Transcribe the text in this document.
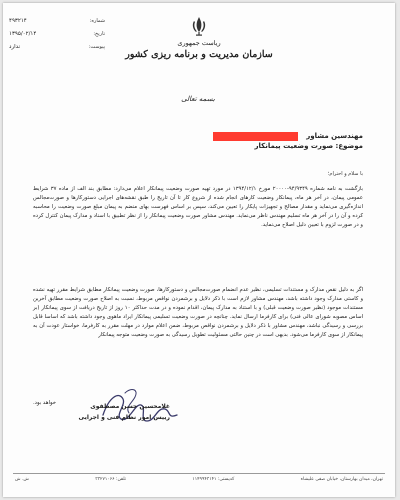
ریاست جمهوری
سازمان مدیریت و برنامه ریزی کشور
۴۹۳۲۱۴
۱۳۹۵/۰۲/۱۴
ندارد
شماره:
تاریخ:
پیوست:
بسمه تعالی
مهندسین مشاور
موضوع: صورت وضعیت پیمانکار
با سلام و احترام؛
بازگشت به نامه شماره ۹۴/۹۳۴۹-۲۰۰۰۰ مورخ ۱۳۹۴/۱۲/۱ در مورد تهیه صورت وضعیت پیمانکار اعلام می‌دارد: مطابق بند الف از ماده ۳۷ شرایط عمومی پیمان، در آخر هر ماه، پیمانکار وضعیت کارهای انجام شده از شروع کار تا آن تاریخ را طبق نقشه‌های اجرایی دستورکارها و صورت‌مجالس اندازه‌گیری می‌نماید و مقدار مصالح و تجهیزات پایکار را تعیین می‌کند، سپس بر اساس فهرست بهای منضم به پیمان مبلغ صورت وضعیت را محاسبه کرده و آن را در آخر هر ماه تسلیم مهندس ناظر می‌نماید. مهندس مشاور صورت وضعیت پیمانکار را از نظر تطبیق با اسناد و مدارک پیمان کنترل کرده و در صورت لزوم با تعیین دلیل اصلاح می‌نماید.
اگر به دلیل نقص مدارک و مستندات تسلیمی، نظیر عدم انضمام صورت‌مجالس و دستورکارها، صورت وضعیت پیمانکار مطابق شرایط مقرر تهیه نشده و کاستی مدارک وجود داشته باشد، مهندس مشاور لازم است با ذکر دلایل و برشمردن نواقص مربوط، نسبت به اصلاح صورت وضعیت مطابق آخرین مستندات موجود (نظیر صورت وضعیت قبلی) و با استناد به مدارک پیمان، اقدام نموده و در مدت حداکثر ۱۰ روز از تاریخ دریافت از سوی پیمانکار (بر اساس مصوبه شورای عالی فنی) برای کارفرما ارسال نماید. چنانچه در صورت وضعیت تسلیمی پیمانکار ایراد ماهوی وجود داشته باشد که اساسا قابل بررسی و رسیدگی نباشد، مهندس مشاور با ذکر دلایل و برشمردن نواقص مربوط، ضمن اعلام موارد در مهلت مقرر به کارفرما، خواستار عودت آن به پیمانکار از سوی کارفرما می‌شود. بدیهی است در چنین حالتی مسئولیت تطویل رسیدگی به صورت وضعیت متوجه پیمانکار
خواهد بود.	غلامحسین حسن مصطفوی
رییس امور نظام فنی و اجرایی
تهران، میدان بهارستان، خیابان صفی علیشاه
کدپستی: ۱۱۴۹۹۴۳۱۴۱
تلفن: ۳۳۲۷۱۰۶۶
ش. ش
